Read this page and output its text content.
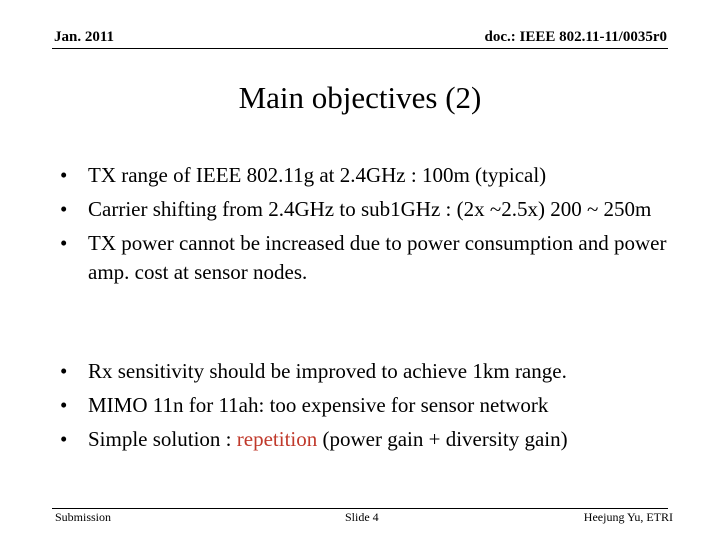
Jan. 2011	doc.: IEEE 802.11-11/0035r0
Main objectives (2)
• TX range of IEEE 802.11g at 2.4GHz : 100m (typical)
• Carrier shifting from 2.4GHz to sub1GHz : (2x ~2.5x) 200 ~ 250m
• TX power cannot be increased due to power consumption and power amp. cost at sensor nodes.
• Rx sensitivity should be improved to achieve 1km range.
• MIMO 11n for 11ah: too expensive for sensor network
• Simple solution : repetition (power gain + diversity gain)
Submission	Slide 4	Heejung Yu, ETRI
